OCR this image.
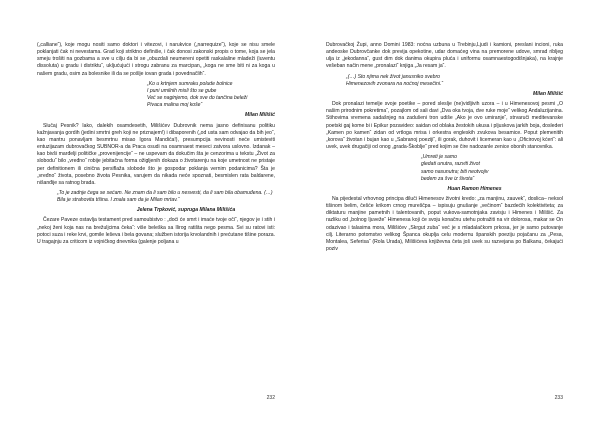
(„calliane“), koje mogu nositi samo doktori i vitezovi, i narukvice („narrequize“), koje se nisu smele poklanjati čak ni nevestama. Grad koji striktno definiše, i čak donosi zakonski propis o tome, koja se jela smeju trošiti na gozbama a sve u cilju da bi se „obuzdali neumereni opetiti raskalaline mladeži (iuventu dissoluta) u gradu i distriktu“, ukljućujući i strogu zabranu za marcipan„ „koga ne sme biti ni za koga u našem gradu, osim za bolesnike ili da se pošlje iovan grada i povednačlih“.

„Ko u krtnjem sumraku polude bolnice
I puni umilnih misli što se gube
Već se naginjemo, dok sve do tančina beleži
Pivaca malina moj koše“
Milan Milišić

Slučaj Pesnik? Iako, dalekih osamdesetih, Milišićev Dubrovnik nema jasno definisanu politiku kažnjavanja gordih (jedini smrtni greh koji ne priznajem!) i dibaporenih („od usta sam odvajao da bih jeo“, kao mantru ponavljam besmrtnu misao Igora Mandića!), presumpcija nevinosti neće umisteviti entuzijazam dubrovačkog SUBNOR-a da Praca osudi na osamnaest meseci zatvora uslovno. Izdanak – kao bivši marđelji političke „provenijencije“ – ne uspevam da dokučim šta je cenzorima u tekstu „Život za slobodu“ bilo „vređno“ robije jebitačna forma ožigljenih dokaza o životarenju na koje umetnost ne pristaje per definitionem ili cinična persiflaža slobode što je gospodar poklanja vernim podanicima? Šta je „vređno“ života, posebno života Pesnika, varujem da nikada neće spoznati, besmislen rata baldarene, nišanđije sa ratnog brada.

„To je zadnje čega se sećam. Ne znam da li sam bilo u nesvesti, da li sam bila obamuđena. (…) Bila je strahovita tišina. I znala sam da je Milan mrtav.“
Jelena Trpković, supruga Milana Milišića

Čezare Paveze ostavlja testament pred samoubistvo : „doći će smrt i imaće tvoje oči“, njegov je i stih i „nekoj ženi koja nas na brežuljcima čeka“: više beleška sa Ilirog ratišta nego pesma. Svi su ratovi isti: potoci suza i reke krvi, gomile leševa i bela govana; služben istorija krvolandnih i prećutane tišine poraza. U tragajnju za criticom iz vojničkog dnevnika (galenje poljana u

232

Dubrovačkoj Župi, anno Domini 1983: noćna uzbuna u Trebinju,Ljudi i kamioni, preslani incioni, ruka andeoske Dubrovčanke dok previja opekotine, udar domaćeg vina na premorene udove, smrad ribljeg ulja iz „jekodanna“, gust dim dok danima okupira pluća i uniformu osamnaestogodišnjaka), na krajnje vešeban način mene „pronalazi“ knjiga „Ja resam ja“.

„(…) Sto njima nek život janusniko svebro
Himenezovih zvonara na noćnoj mesečini.“
Milan Milišić

Dok pronalazi temelje svoje poetike – pored sleslje (ne)vidljivih uzora – i u Himenesovoj pesmi „O našim prirodnim pokretima“, pozajlom od sali davi „Dva oka tvoja, dve ruke moje“ velikog Andaluzijanina. Stihovima vremena sadašnjeg na zadušeni tron udiše „Ako je ovo umiranje“, strvaruči meditevanske poetski gaj kome bi i Epikur pozavideo: saidan od oblaka žestokih ukusa i pljuskova jarkih boja, doslederi „Kamen po kamen“ zidan od vrtloga mrisa i orkestra engleskih zvukova besamice. Poput plemenitih „korova“ životan i bujan kao u „Sabranoj poeziji“, ili gorak, duhovit i licemeran kao u „Oficirovoj kćeri“: ali uvek, uvek drugačiji od onog „grada-Škoblje“ pred kojim se ĉire nadozanle zenice obonih stanovnika.

„Umreti je samo
gledati unutra, razviti život
samo nasunutra; biti neotvojiv
bedem za šve iz šivota“
Huan Ramon Himenes

Na pijedestal vrhovnog principa diluči Himenesov životni kredo: „za manjinu, zauvek“, doslica– neksol tišinom belim, češće krikom crnog mureščpa – ispisuju gnušanje „večinom“ bazdećih kolektiviteta; za diktaturu manjine pametnih i talentovanih, poput vukova-samotnjaka zavisju i Himenes i Milišić. Za razliku od „bolnog Ijuveže“ Himenesa koji će svoju konačnu utehu potražiti na vir dolorosa, makar se On odazivao i talasima mora, Milišićev „Skrgut zuba“ već je s mladalačkom prkosa, jer je samo putovanje cilj. Literarno potomstvo velikog Španca okuplja celu modernu španskih poeziju pojačanu za „Pesa, Montalea, Seferisa“ (Rola Urada), Milišićeva književna četa još uvek su razvejana po Balkanu, čekajući poziv

233
